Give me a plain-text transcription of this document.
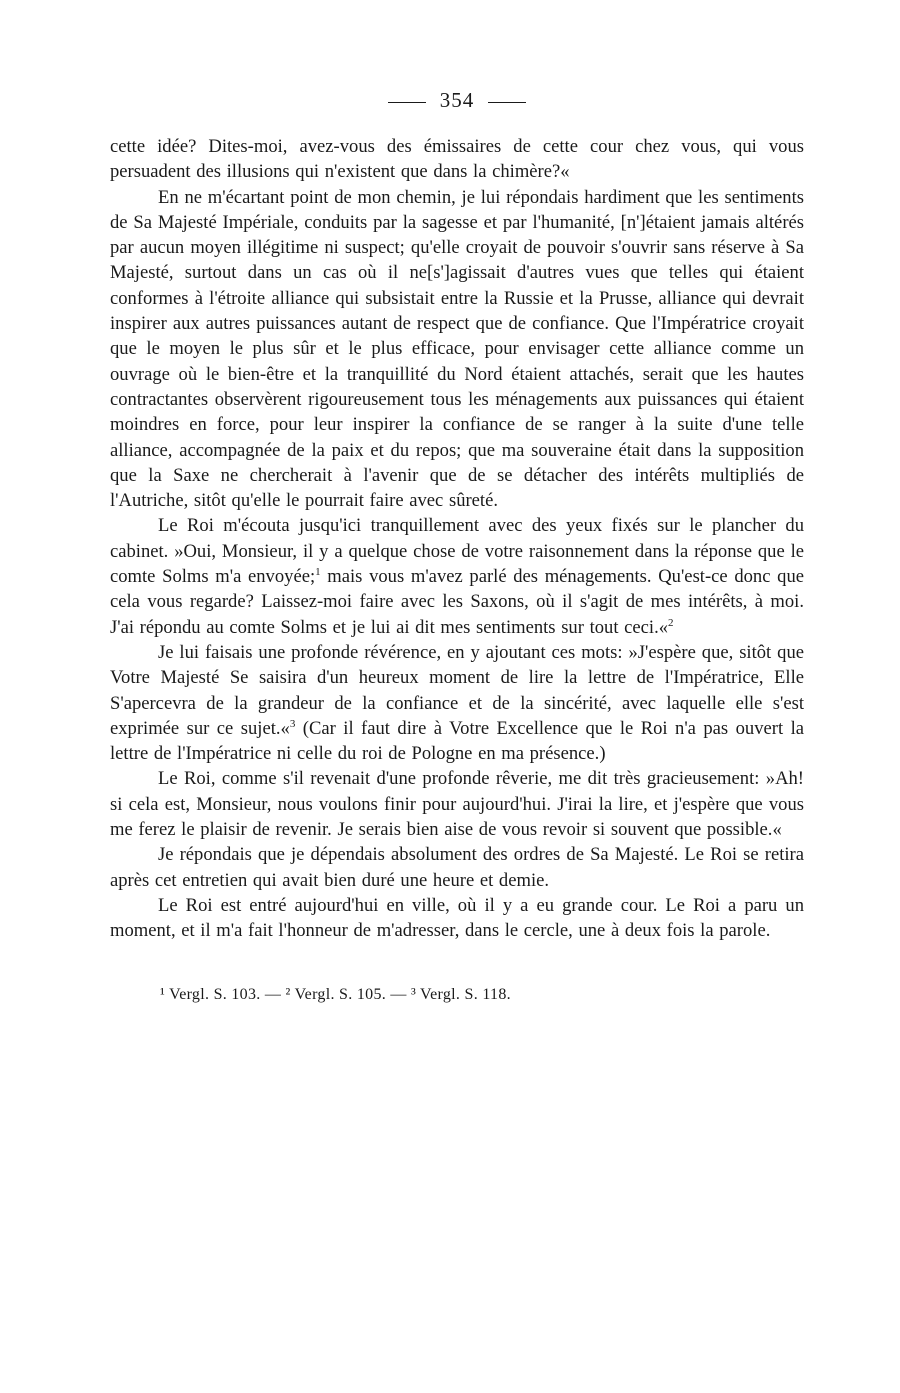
354

cette idée? Dites-moi, avez-vous des émissaires de cette cour chez vous, qui vous persuadent des illusions qui n'existent que dans la chimère?«

En ne m'écartant point de mon chemin, je lui répondais hardiment que les sentiments de Sa Majesté Impériale, conduits par la sagesse et par l'humanité, [n']étaient jamais altérés par aucun moyen illégitime ni suspect; qu'elle croyait de pouvoir s'ouvrir sans réserve à Sa Majesté, surtout dans un cas où il ne[s']agissait d'autres vues que telles qui étaient conformes à l'étroite alliance qui subsistait entre la Russie et la Prusse, alliance qui devrait inspirer aux autres puissances autant de respect que de confiance. Que l'Impératrice croyait que le moyen le plus sûr et le plus efficace, pour envisager cette alliance comme un ouvrage où le bien-être et la tranquillité du Nord étaient attachés, serait que les hautes contractantes observèrent rigoureusement tous les ménagements aux puissances qui étaient moindres en force, pour leur inspirer la confiance de se ranger à la suite d'une telle alliance, accompagnée de la paix et du repos; que ma souveraine était dans la supposition que la Saxe ne chercherait à l'avenir que de se détacher des intérêts multipliés de l'Autriche, sitôt qu'elle le pourrait faire avec sûreté.

Le Roi m'écouta jusqu'ici tranquillement avec des yeux fixés sur le plancher du cabinet. »Oui, Monsieur, il y a quelque chose de votre raisonnement dans la réponse que le comte Solms m'a envoyée;$^1$ mais vous m'avez parlé des ménagements. Qu'est-ce donc que cela vous regarde? Laissez-moi faire avec les Saxons, où il s'agit de mes intérêts, à moi. J'ai répondu au comte Solms et je lui ai dit mes sentiments sur tout ceci.«$^2$

Je lui faisais une profonde révérence, en y ajoutant ces mots: »J'espère que, sitôt que Votre Majesté Se saisira d'un heureux moment de lire la lettre de l'Impératrice, Elle S'apercevra de la grandeur de la confiance et de la sincérité, avec laquelle elle s'est exprimée sur ce sujet.«$^3$ (Car il faut dire à Votre Excellence que le Roi n'a pas ouvert la lettre de l'Impératrice ni celle du roi de Pologne en ma présence.)

Le Roi, comme s'il revenait d'une profonde rêverie, me dit très gracieusement: »Ah! si cela est, Monsieur, nous voulons finir pour aujourd'hui. J'irai la lire, et j'espère que vous me ferez le plaisir de revenir. Je serais bien aise de vous revoir si souvent que possible.«

Je répondais que je dépendais absolument des ordres de Sa Majesté. Le Roi se retira après cet entretien qui avait bien duré une heure et demie.

Le Roi est entré aujourd'hui en ville, où il y a eu grande cour. Le Roi a paru un moment, et il m'a fait l'honneur de m'adresser, dans le cercle, une à deux fois la parole.

¹ Vergl. S. 103. — ² Vergl. S. 105. — ³ Vergl. S. 118.
